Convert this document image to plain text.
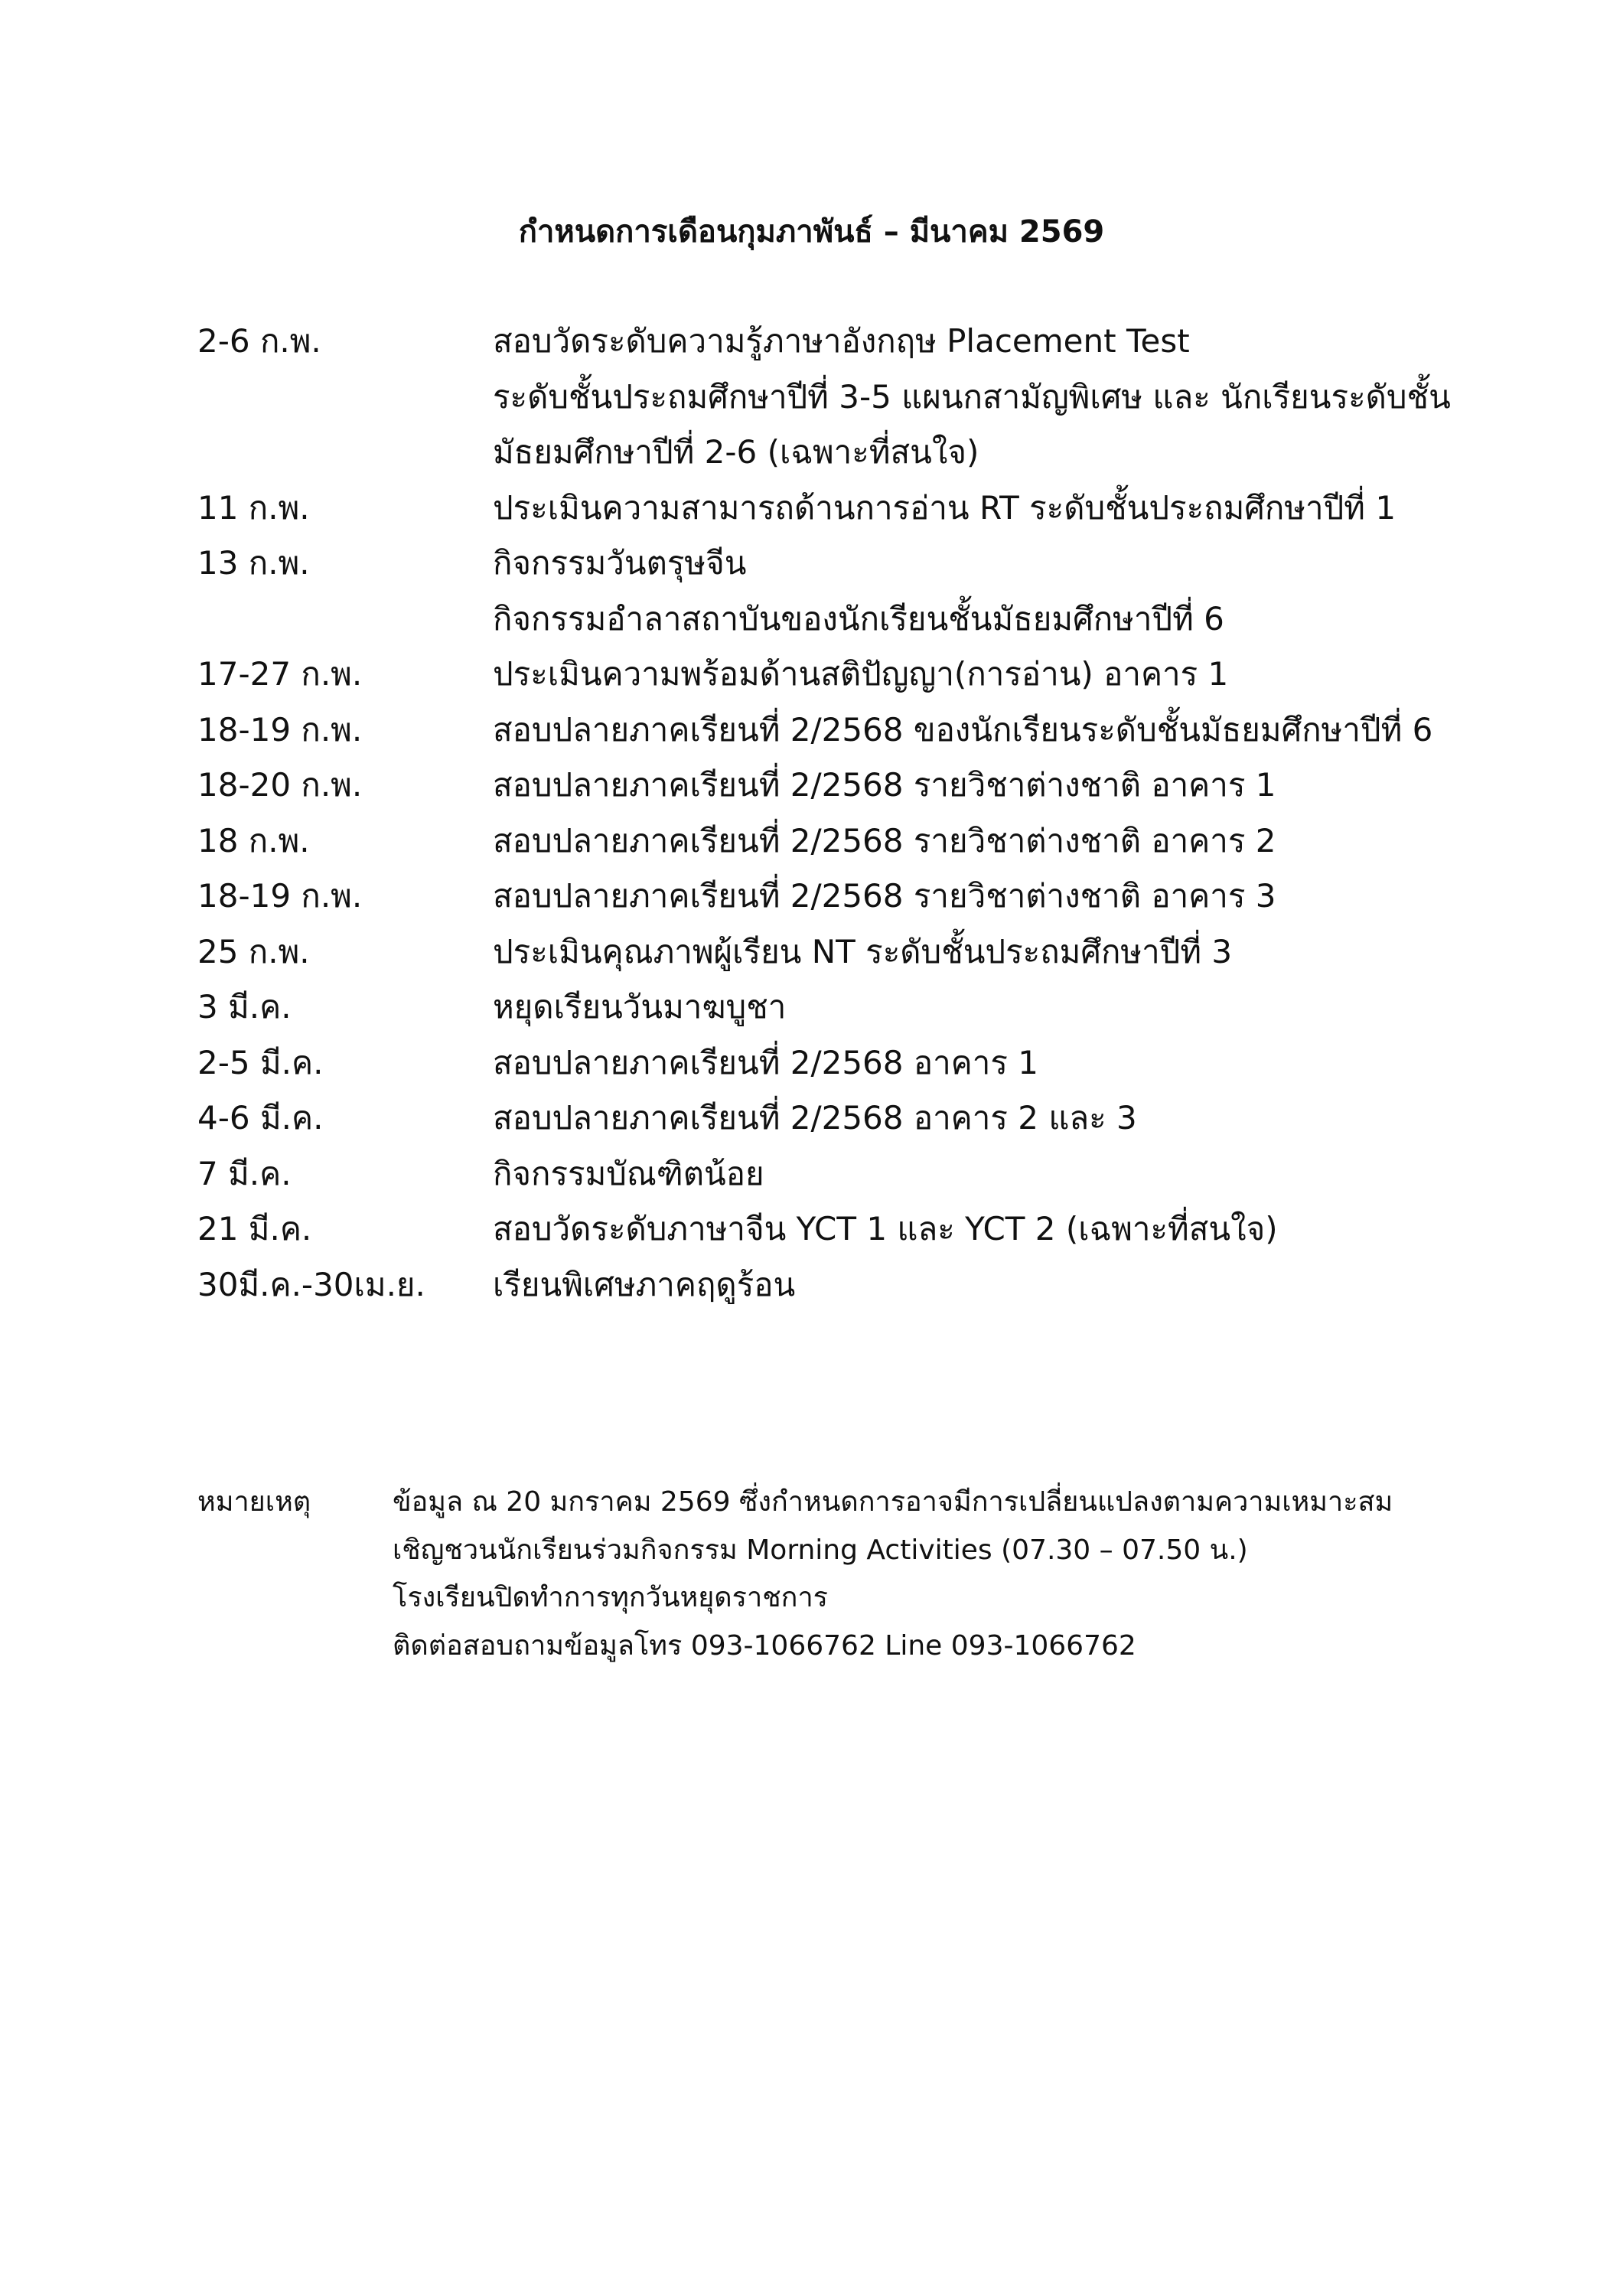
กำหนดการเดือนกุมภาพันธ์ – มีนาคม 2569
2-6 ก.พ.	สอบวัดระดับความรู้ภาษาอังกฤษ Placement Test
ระดับชั้นประถมศึกษาปีที่ 3-5 แผนกสามัญพิเศษ และ นักเรียนระดับชั้น
มัธยมศึกษาปีที่ 2-6 (เฉพาะที่สนใจ)
11 ก.พ.	ประเมินความสามารถด้านการอ่าน RT ระดับชั้นประถมศึกษาปีที่ 1
13 ก.พ.	กิจกรรมวันตรุษจีน
กิจกรรมอำลาสถาบันของนักเรียนชั้นมัธยมศึกษาปีที่ 6
17-27 ก.พ.	ประเมินความพร้อมด้านสติปัญญา(การอ่าน) อาคาร 1
18-19 ก.พ.	สอบปลายภาคเรียนที่ 2/2568 ของนักเรียนระดับชั้นมัธยมศึกษาปีที่ 6
18-20 ก.พ.	สอบปลายภาคเรียนที่ 2/2568 รายวิชาต่างชาติ อาคาร 1
18 ก.พ.	สอบปลายภาคเรียนที่ 2/2568 รายวิชาต่างชาติ อาคาร 2
18-19 ก.พ.	สอบปลายภาคเรียนที่ 2/2568 รายวิชาต่างชาติ อาคาร 3
25 ก.พ.	ประเมินคุณภาพผู้เรียน NT ระดับชั้นประถมศึกษาปีที่ 3
3 มี.ค.	หยุดเรียนวันมาฆบูชา
2-5 มี.ค.	สอบปลายภาคเรียนที่ 2/2568 อาคาร 1
4-6 มี.ค.	สอบปลายภาคเรียนที่ 2/2568 อาคาร 2 และ 3
7 มี.ค.	กิจกรรมบัณฑิตน้อย
21 มี.ค.	สอบวัดระดับภาษาจีน YCT 1 และ YCT 2 (เฉพาะที่สนใจ)
30มี.ค.-30เม.ย.	เรียนพิเศษภาคฤดูร้อน
หมายเหตุ	ข้อมูล ณ 20 มกราคม 2569 ซึ่งกำหนดการอาจมีการเปลี่ยนแปลงตามความเหมาะสม
เชิญชวนนักเรียนร่วมกิจกรรม Morning Activities (07.30 – 07.50 น.)
โรงเรียนปิดทำการทุกวันหยุดราชการ
ติดต่อสอบถามข้อมูลโทร 093-1066762 Line 093-1066762
